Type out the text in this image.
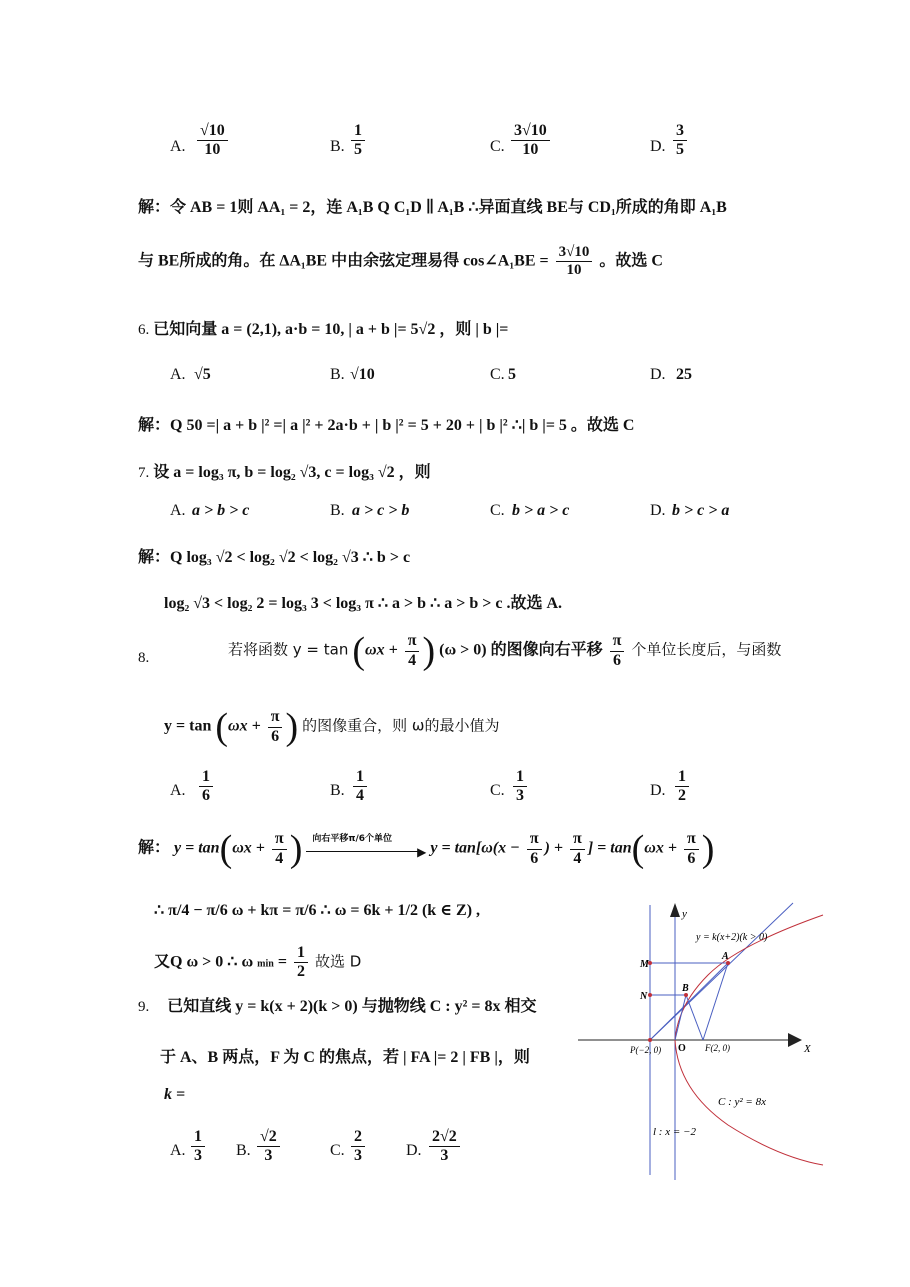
A. $\frac{√10}{10}$	B. $\frac{1}{5}$	C. $\frac{3√10}{10}$	D. $\frac{3}{5}$
解：令 AB = 1则 AA₁ = 2，连 A₁B Q C₁D ∥ A₁B ∴异面直线 BE与 CD₁所成的角即 A₁B
与 BE所成的角。在 ΔA₁BE 中由余弦定理易得 cos∠A₁BE = $\frac{3√10}{10}$ 。故选 C
6. 已知向量 a = (2,1), a·b = 10, | a + b |= 5√2 ，则 | b |=
A. √5	B. √10	C. 5	D. 25
解：Q 50 =| a + b |² =| a |² + 2a·b + | b |² = 5 + 20 + | b |² ∴| b |= 5 。故选 C
7. 设 a = log₃ π, b = log₂ √3, c = log₃ √2 ，则
A. a > b > c	B. a > c > b	C. b > a > c	D. b > c > a
解：Q log₃ √2 < log₂ √2 < log₂ √3 ∴ b > c
log₂ √3 < log₂ 2 = log₃ 3 < log₃ π ∴ a > b ∴ a > b > c .故选 A.
8.	若将函数 $y = \tan (\omega x + \frac{\pi}{4}$ ) (ω > 0) 的图像向右平移 $\frac{\pi}{6}$ 个单位长度后，与函数
$y = \tan (\omega x + \frac{\pi}{6}$ ) 的图像重合，则 ω的最小值为
A. $\frac{1}{6}$	B. $\frac{1}{4}$	C. $\frac{1}{3}$	D. $\frac{1}{2}$
解： $y = \tan(\omega x + \frac{\pi}{4}$ ) 向右平移π/6个单位
▶ $y = \tan[\omega(x - \frac{\pi}{6}$ ) + $\frac{\pi}{4}$ ] = $\tan(\omega x + \frac{\pi}{6}$ )
∴ π/4 − π/6 ω + kπ = π/6 ∴ ω = 6k + 1/2 (k ∈ Z) ,
又Q ω > 0 ∴ ω $\min = \frac{1}{2}$ 故选 D
9. 已知直线 y = k(x + 2)(k > 0) 与抛物线 C : y² = 8x 相交
于 A、B 两点，F 为 C 的焦点，若 | FA |= 2 | FB |，则
k =
A. $\frac{1}{3} B$. $\frac{√2}{3}$	C. $\frac{2}{3}$	D. $\frac{2√2}{3}$
X
y
A
B
M
N
P(−2, 0) O F(2, 0)
y = k(x+2)(k > 0)
C : y² = 8x
l : x = −2
